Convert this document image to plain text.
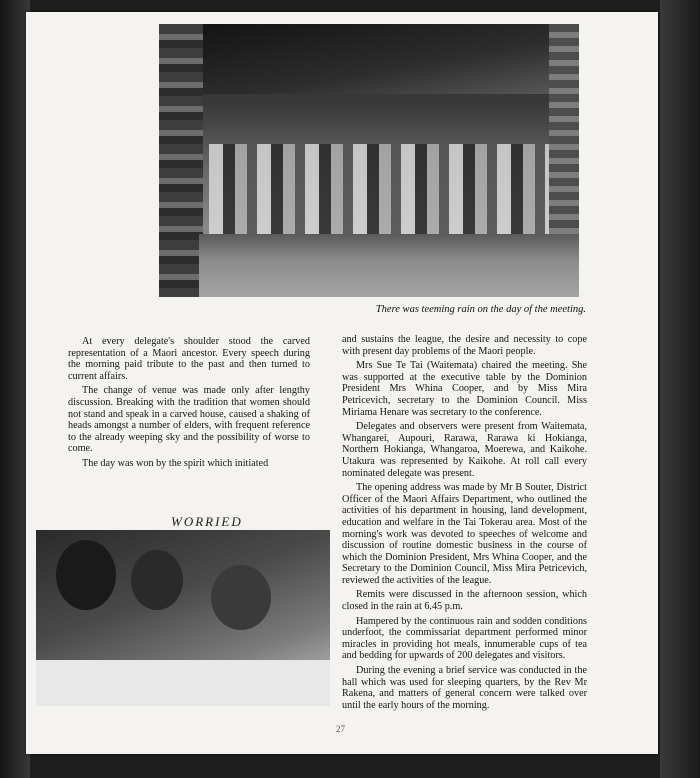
There was teeming rain on the day of the meeting.

At every delegate's shoulder stood the carved representation of a Maori ancestor. Every speech during the morning paid tribute to the past and then turned to current affairs.

The change of venue was made only after lengthy discussion. Breaking with the tradition that women should not stand and speak in a carved house, caused a shaking of heads amongst a number of elders, with frequent reference to the already weeping sky and the possibility of worse to come.

The day was won by the spirit which initiated

WORRIED

and sustains the league, the desire and necessity to cope with present day problems of the Maori people.

Mrs Sue Te Tai (Waitemata) chaired the meeting. She was supported at the executive table by the Dominion President Mrs Whina Cooper, and by Miss Mira Petricevich, secretary to the Dominion Council. Miss Miriama Henare was secretary to the conference.

Delegates and observers were present from Waitemata, Whangarei, Aupouri, Rarawa, Rarawa ki Hokianga, Northern Hokianga, Whangaroa, Moerewa, and Kaikohe. Utakura was represented by Kaikohe. At roll call every nominated delegate was present.

The opening address was made by Mr B Souter, District Officer of the Maori Affairs Department, who outlined the activities of his department in housing, land development, education and welfare in the Tai Tokerau area. Most of the morning's work was devoted to speeches of welcome and discussion of routine domestic business in the course of which the Dominion President, Mrs Whina Cooper, and the Secretary to the Dominion Council, Miss Mira Petricevich, reviewed the activities of the league.

Remits were discussed in the afternoon session, which closed in the rain at 6.45 p.m.

Hampered by the continuous rain and sodden conditions underfoot, the commissariat department performed minor miracles in providing hot meals, innumerable cups of tea and bedding for upwards of 200 delegates and visitors.

During the evening a brief service was conducted in the hall which was used for sleeping quarters, by the Rev Mr Rakena, and matters of general concern were talked over until the early hours of the morning.

27
